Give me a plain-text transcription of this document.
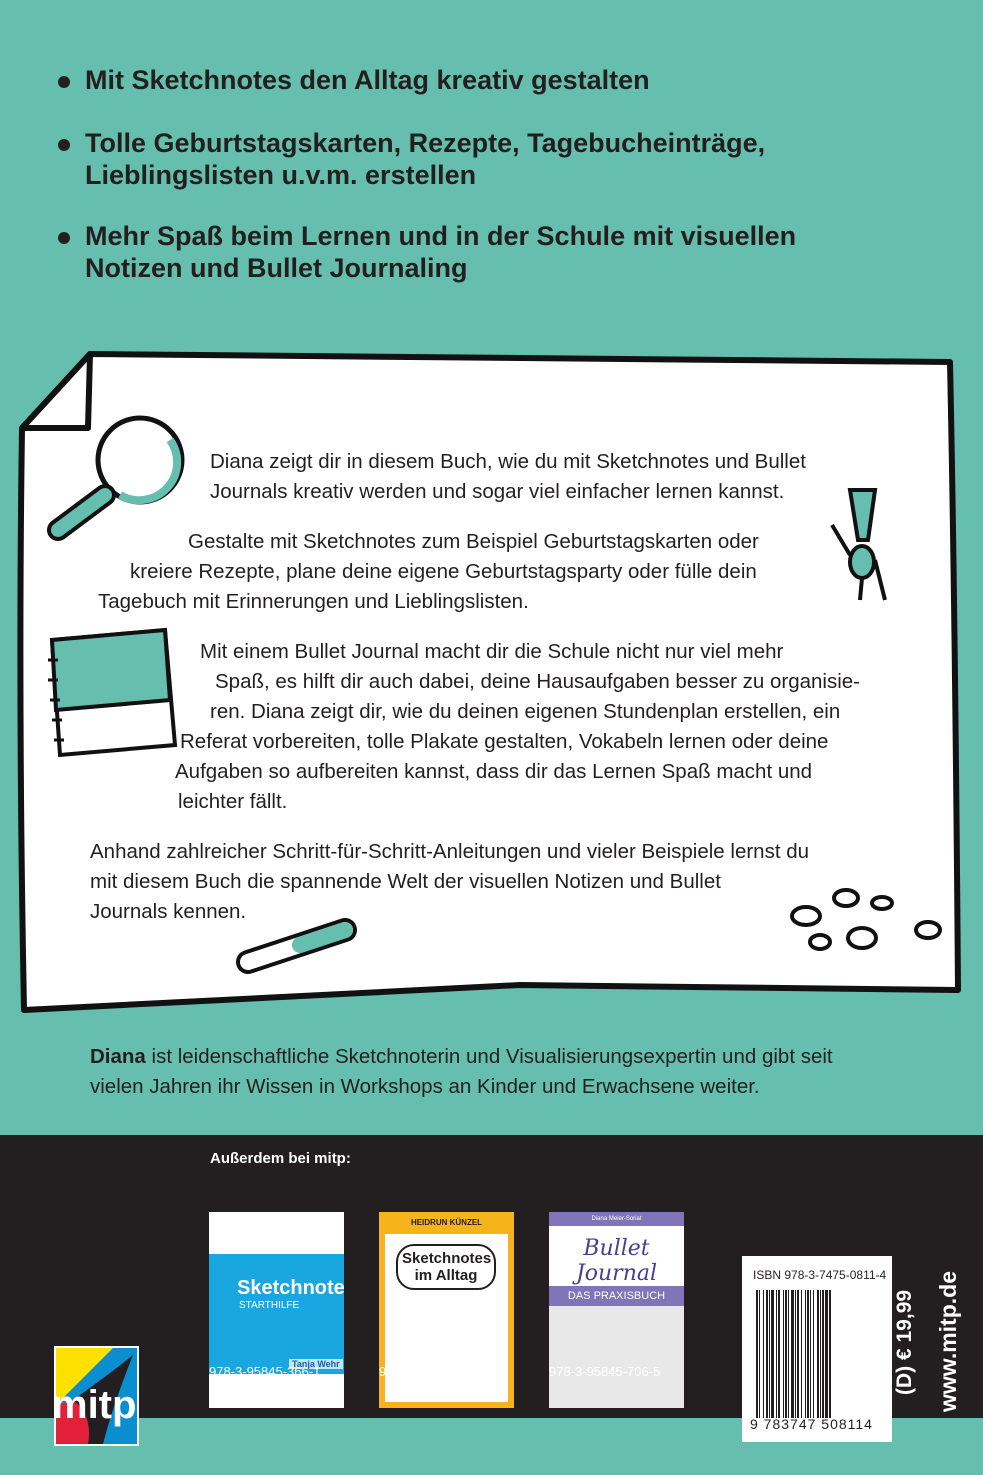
Mit Sketchnotes den Alltag kreativ gestalten
Tolle Geburtstagskarten, Rezepte, Tagebucheinträge,
Lieblingslisten u.v.m. erstellen
Mehr Spaß beim Lernen und in der Schule mit visuellen
Notizen und Bullet Journaling
Diana zeigt dir in diesem Buch, wie du mit Sketchnotes und Bullet
Journals kreativ werden und sogar viel einfacher lernen kannst.
Gestalte mit Sketchnotes zum Beispiel Geburtstagskarten oder
kreiere Rezepte, plane deine eigene Geburtstagsparty oder fülle dein
Tagebuch mit Erinnerungen und Lieblingslisten.
Mit einem Bullet Journal macht dir die Schule nicht nur viel mehr
Spaß, es hilft dir auch dabei, deine Hausaufgaben besser zu organisie-
ren. Diana zeigt dir, wie du deinen eigenen Stundenplan erstellen, ein
Referat vorbereiten, tolle Plakate gestalten, Vokabeln lernen oder deine
Aufgaben so aufbereiten kannst, dass dir das Lernen Spaß macht und
leichter fällt.
Anhand zahlreicher Schritt-für-Schritt-Anleitungen und vieler Beispiele lernst du
mit diesem Buch die spannende Welt der visuellen Notizen und Bullet
Journals kennen.
Diana ist leidenschaftliche Sketchnoterin und Visualisierungsexpertin und gibt seit
vielen Jahren ihr Wissen in Workshops an Kinder und Erwachsene weiter.
Außerdem bei mitp:
mitp
Sketchnote
STARTHILFE
Tanja Wehr
HEIDRUN KÜNZEL
Sketchnotes im Alltag
Diana Meier-Soriat
Bullet Journal
DAS PRAXISBUCH
978-3-95845-366-1	978-3-95845-748-5	978-3-95845-706-5
ISBN 978-3-7475-0811-4
9 783747 508114
(D) € 19,99 www.mitp.de
